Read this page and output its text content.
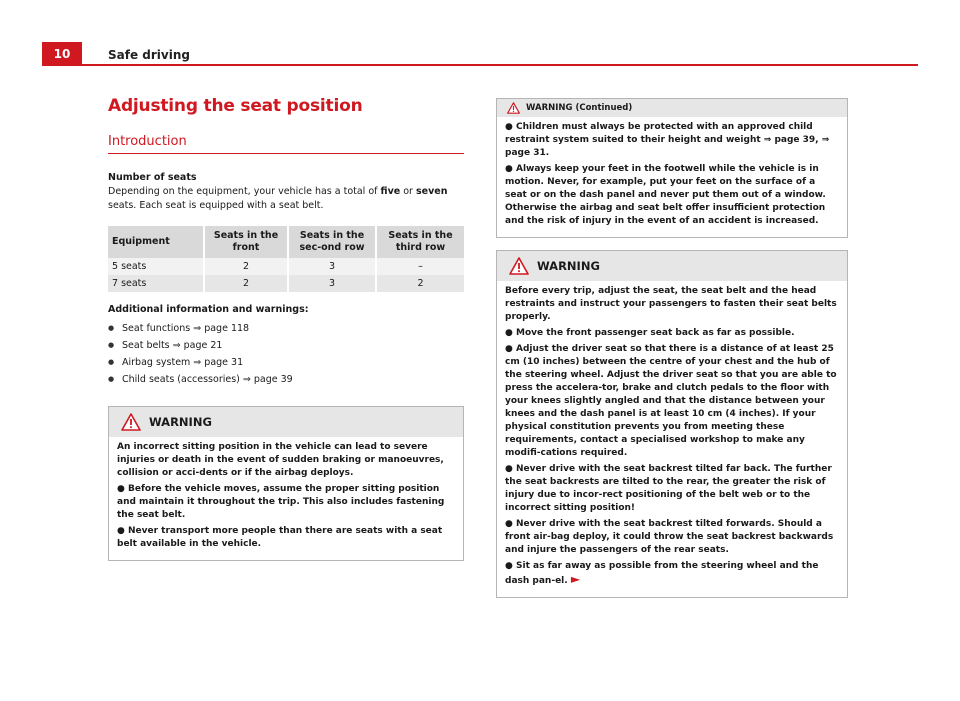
10	Safe driving
Adjusting the seat position
Introduction
Number of seats
Depending on the equipment, your vehicle has a total of five or seven seats. Each seat is equipped with a seat belt.
Equipment	Seats in the front	Seats in the sec-ond row	Seats in the third row
5 seats	2	3	–
7 seats	2	3	2
Additional information and warnings:
● Seat functions ⇒ page 118
● Seat belts ⇒ page 21
● Airbag system ⇒ page 31
● Child seats (accessories) ⇒ page 39
WARNING

An incorrect sitting position in the vehicle can lead to severe injuries or death in the event of sudden braking or manoeuvres, collision or acci-dents or if the airbag deploys.

● Before the vehicle moves, assume the proper sitting position and maintain it throughout the trip. This also includes fastening the seat belt.

● Never transport more people than there are seats with a seat belt available in the vehicle.

WARNING (Continued)

● Children must always be protected with an approved child restraint system suited to their height and weight ⇒ page 39, ⇒ page 31.

● Always keep your feet in the footwell while the vehicle is in motion. Never, for example, put your feet on the surface of a seat or on the dash panel and never put them out of a window. Otherwise the airbag and seat belt offer insufficient protection and the risk of injury in the event of an accident is increased.

WARNING

Before every trip, adjust the seat, the seat belt and the head restraints and instruct your passengers to fasten their seat belts properly.

● Move the front passenger seat back as far as possible.

● Adjust the driver seat so that there is a distance of at least 25 cm (10 inches) between the centre of your chest and the hub of the steering wheel. Adjust the driver seat so that you are able to press the accelera-tor, brake and clutch pedals to the floor with your knees slightly angled and that the distance between your knees and the dash panel is at least 10 cm (4 inches). If your physical constitution prevents you from meeting these requirements, contact a specialised workshop to make any modifi-cations required.

● Never drive with the seat backrest tilted far back. The further the seat backrests are tilted to the rear, the greater the risk of injury due to incor-rect positioning of the belt web or to the incorrect sitting position!

● Never drive with the seat backrest tilted forwards. Should a front air-bag deploy, it could throw the seat backrest backwards and injure the passengers of the rear seats.

● Sit as far away as possible from the steering wheel and the dash pan-el. ►
